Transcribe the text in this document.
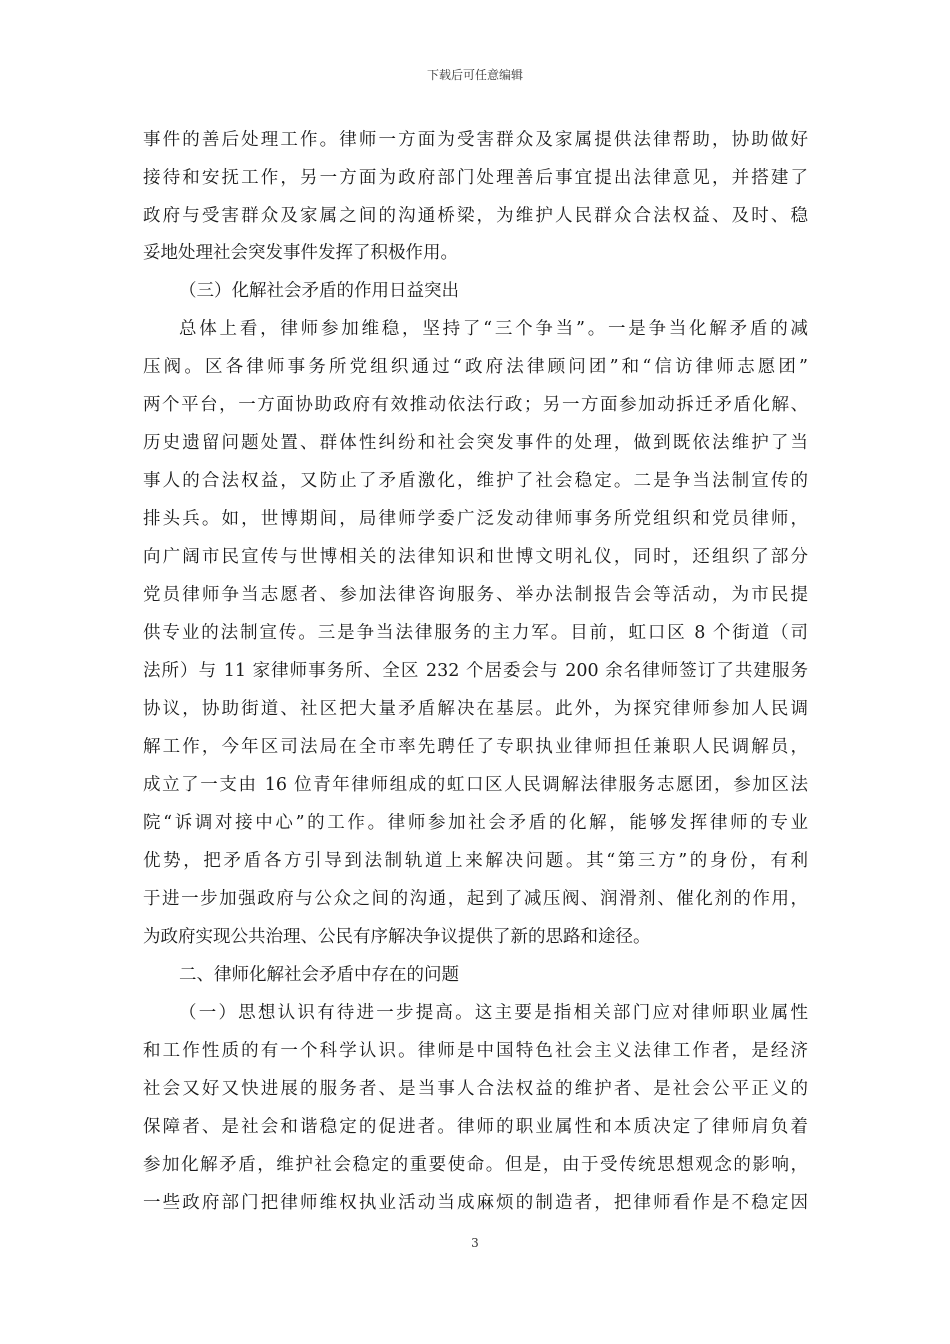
下载后可任意编辑
事件的善后处理工作。律师一方面为受害群众及家属提供法律帮助，协助做好
接待和安抚工作，另一方面为政府部门处理善后事宜提出法律意见，并搭建了
政府与受害群众及家属之间的沟通桥梁，为维护人民群众合法权益、及时、稳
妥地处理社会突发事件发挥了积极作用。
（三）化解社会矛盾的作用日益突出
总体上看，律师参加维稳，坚持了“三个争当”。一是争当化解矛盾的减
压阀。区各律师事务所党组织通过“政府法律顾问团”和“信访律师志愿团”
两个平台，一方面协助政府有效推动依法行政；另一方面参加动拆迁矛盾化解、
历史遗留问题处置、群体性纠纷和社会突发事件的处理，做到既依法维护了当
事人的合法权益，又防止了矛盾激化，维护了社会稳定。二是争当法制宣传的
排头兵。如，世博期间，局律师学委广泛发动律师事务所党组织和党员律师，
向广阔市民宣传与世博相关的法律知识和世博文明礼仪，同时，还组织了部分
党员律师争当志愿者、参加法律咨询服务、举办法制报告会等活动，为市民提
供专业的法制宣传。三是争当法律服务的主力军。目前，虹口区 8 个街道（司
法所）与 11 家律师事务所、全区 232 个居委会与 200 余名律师签订了共建服务
协议，协助街道、社区把大量矛盾解决在基层。此外，为探究律师参加人民调
解工作，今年区司法局在全市率先聘任了专职执业律师担任兼职人民调解员，
成立了一支由 16 位青年律师组成的虹口区人民调解法律服务志愿团，参加区法
院“诉调对接中心”的工作。律师参加社会矛盾的化解，能够发挥律师的专业
优势，把矛盾各方引导到法制轨道上来解决问题。其“第三方”的身份，有利
于进一步加强政府与公众之间的沟通，起到了减压阀、润滑剂、催化剂的作用，
为政府实现公共治理、公民有序解决争议提供了新的思路和途径。
二、律师化解社会矛盾中存在的问题
（一）思想认识有待进一步提高。这主要是指相关部门应对律师职业属性
和工作性质的有一个科学认识。律师是中国特色社会主义法律工作者，是经济
社会又好又快进展的服务者、是当事人合法权益的维护者、是社会公平正义的
保障者、是社会和谐稳定的促进者。律师的职业属性和本质决定了律师肩负着
参加化解矛盾，维护社会稳定的重要使命。但是，由于受传统思想观念的影响，
一些政府部门把律师维权执业活动当成麻烦的制造者，把律师看作是不稳定因
3
